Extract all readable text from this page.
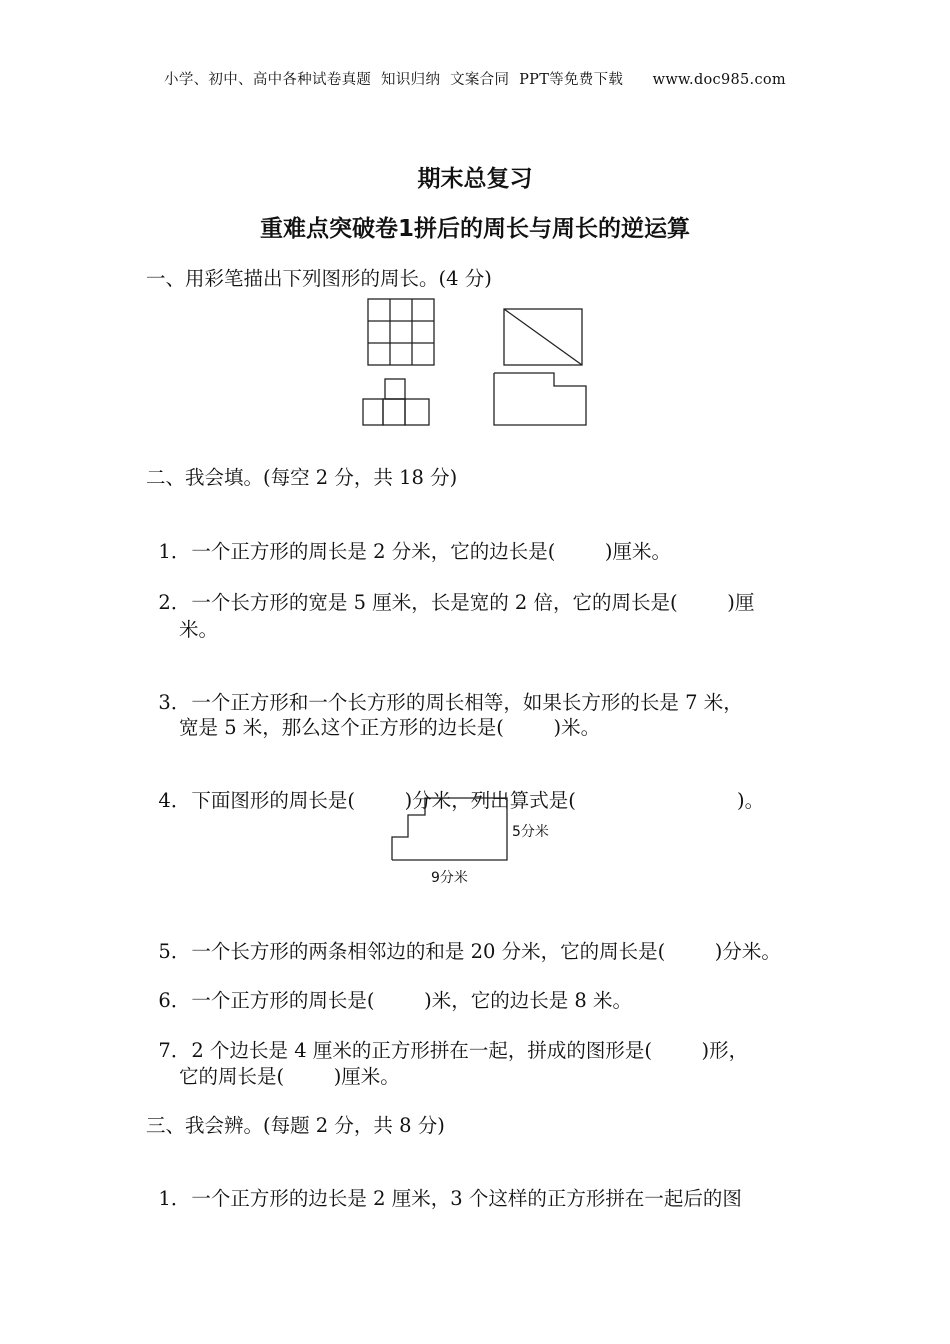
小学、初中、高中各种试卷真题  知识归纳  文案合同  PPT等免费下载      www.doc985.com
期末总复习
重难点突破卷1拼后的周长与周长的逆运算
一、用彩笔描出下列图形的周长。(4 分)
二、我会填。(每空 2 分，共 18 分)

1．一个正方形的周长是 2 分米，它的边长是(        )厘米。

2．一个长方形的宽是 5 厘米，长是宽的 2 倍，它的周长是(        )厘

米。

3．一个正方形和一个长方形的周长相等，如果长方形的长是 7 米，

宽是 5 米，那么这个正方形的边长是(        )米。

4．下面图形的周长是(        )分米，列出算式是(                          )。

5分米
9分米

5．一个长方形的两条相邻边的和是 20 分米，它的周长是(        )分米。

6．一个正方形的周长是(        )米，它的边长是 8 米。

7．2 个边长是 4 厘米的正方形拼在一起，拼成的图形是(        )形，

它的周长是(        )厘米。
三、我会辨。(每题 2 分，共 8 分)

1．一个正方形的边长是 2 厘米，3 个这样的正方形拼在一起后的图
